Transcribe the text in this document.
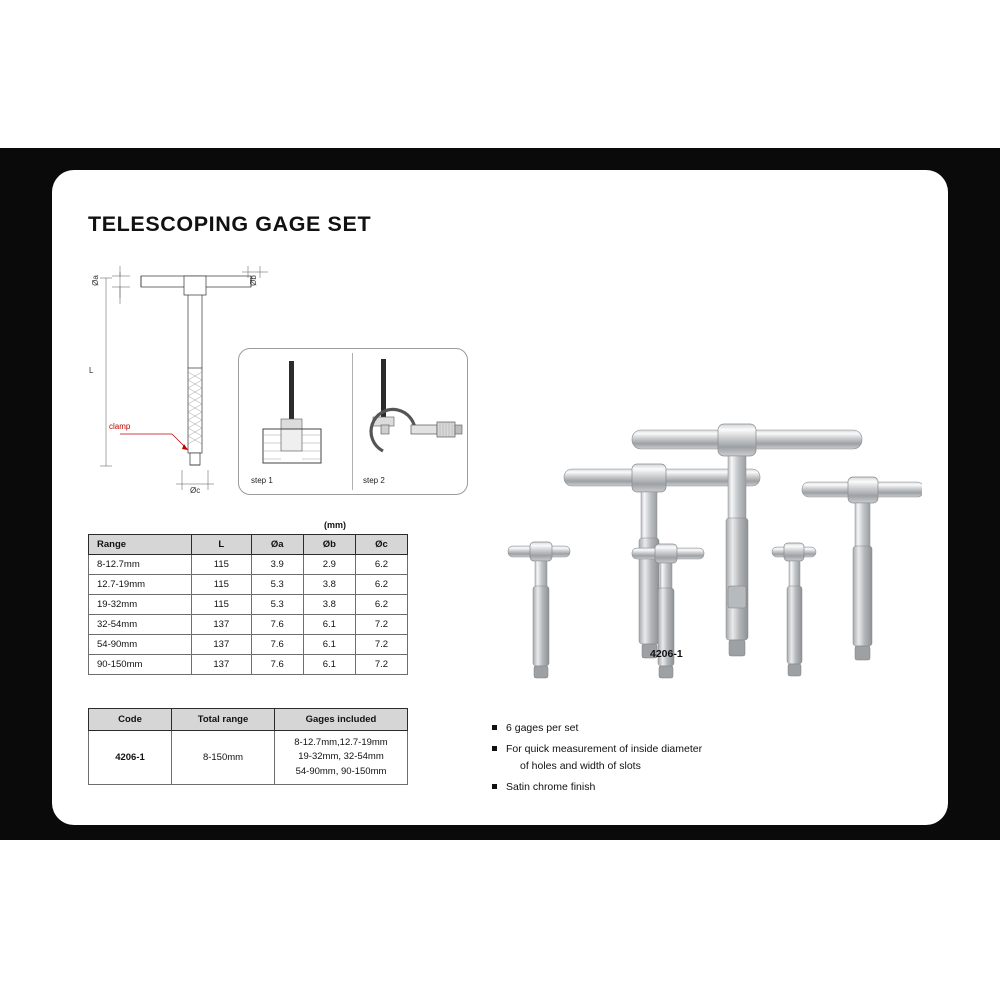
TELESCOPING GAGE SET
Øa	Øb
L
Øc
clamp
step 1	step 2
(mm)
Range	L	Øa	Øb	Øc
8-12.7mm	115	3.9	2.9	6.2
12.7-19mm	115	5.3	3.8	6.2
19-32mm	115	5.3	3.8	6.2
32-54mm	137	7.6	6.1	7.2
54-90mm	137	7.6	6.1	7.2
90-150mm	137	7.6	6.1	7.2
Code	Total range	Gages included
4206-1	8-150mm	8-12.7mm,12.7-19mm
19-32mm, 32-54mm
54-90mm, 90-150mm
4206-1
6 gages per set
For quick measurement of inside diameter
of holes and width of slots
Satin chrome finish
